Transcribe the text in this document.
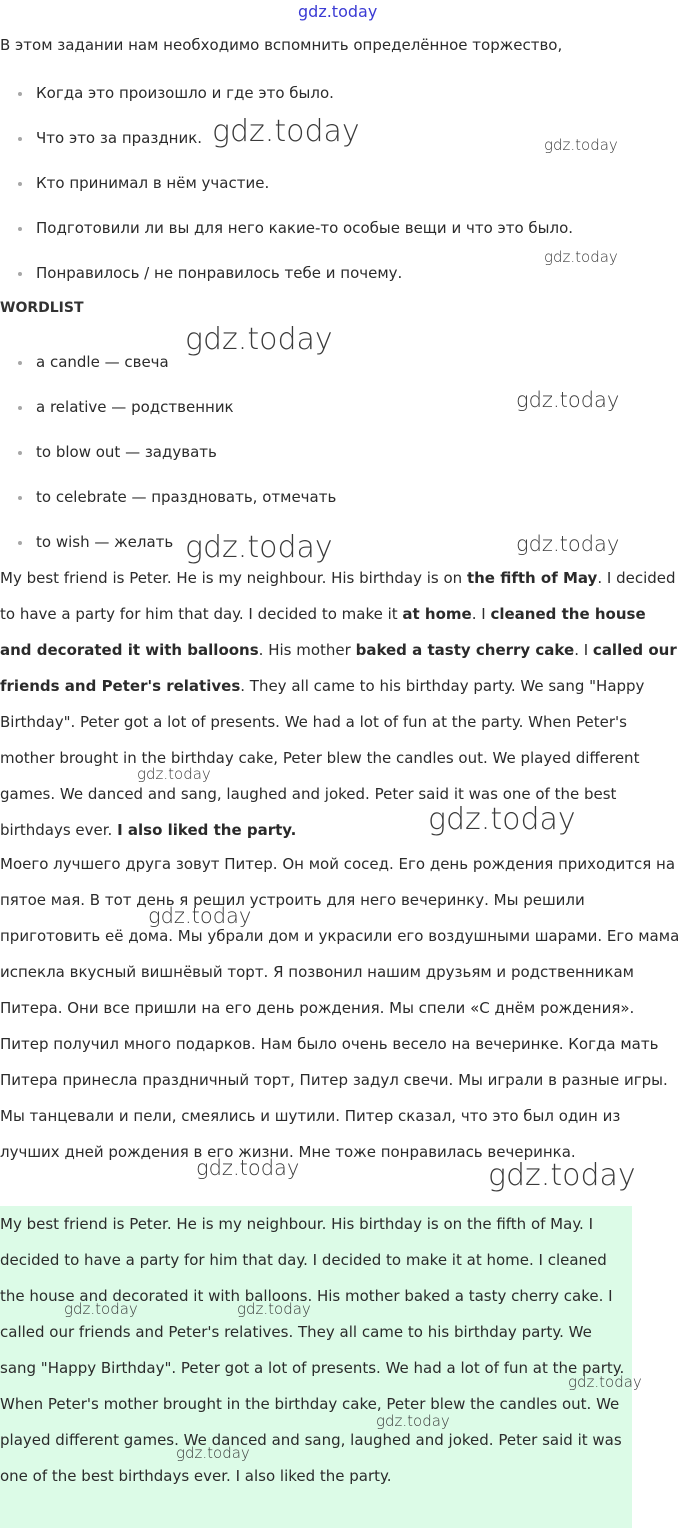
gdz.today
В этом задании нам необходимо вспомнить определённое торжество,
Когда это произошло и где это было.
Что это за праздник.
Кто принимал в нём участие.
Подготовили ли вы для него какие-то особые вещи и что это было.
Понравилось / не понравилось тебе и почему.
WORDLIST
a candle — свеча
a relative — родственник
to blow out — задувать
to celebrate — праздновать, отмечать
to wish — желать

My best friend is Peter. He is my neighbour. His birthday is on the fifth of May. I decided to have a party for him that day. I decided to make it at home. I cleaned the house and decorated it with balloons. His mother baked a tasty cherry cake. I called our friends and Peter's relatives. They all came to his birthday party. We sang "Happy Birthday". Peter got a lot of presents. We had a lot of fun at the party. When Peter's mother brought in the birthday cake, Peter blew the candles out. We played different games. We danced and sang, laughed and joked. Peter said it was one of the best birthdays ever. I also liked the party.

Моего лучшего друга зовут Питер. Он мой сосед. Его день рождения приходится на пятое мая. В тот день я решил устроить для него вечеринку. Мы решили приготовить её дома. Мы убрали дом и украсили его воздушными шарами. Его мама испекла вкусный вишнёвый торт. Я позвонил нашим друзьям и родственникам Питера. Они все пришли на его день рождения. Мы спели «С днём рождения». Питер получил много подарков. Нам было очень весело на вечеринке. Когда мать Питера принесла праздничный торт, Питер задул свечи. Мы играли в разные игры. Мы танцевали и пели, смеялись и шутили. Питер сказал, что это был один из лучших дней рождения в его жизни. Мне тоже понравилась вечеринка.

My best friend is Peter. He is my neighbour. His birthday is on the fifth of May. I decided to have a party for him that day. I decided to make it at home. I cleaned the house and decorated it with balloons. His mother baked a tasty cherry cake. I called our friends and Peter's relatives. They all came to his birthday party. We sang "Happy Birthday". Peter got a lot of presents. We had a lot of fun at the party. When Peter's mother brought in the birthday cake, Peter blew the candles out. We played different games. We danced and sang, laughed and joked. Peter said it was one of the best birthdays ever. I also liked the party.

gdz.today	gdz.today
gdz.today
gdz.today
gdz.today
gdz.today	gdz.today
gdz.today
gdz.today
gdz.today
gdz.today	gdz.today
gdz.today	gdz.today
gdz.today
gdz.today
gdz.today
